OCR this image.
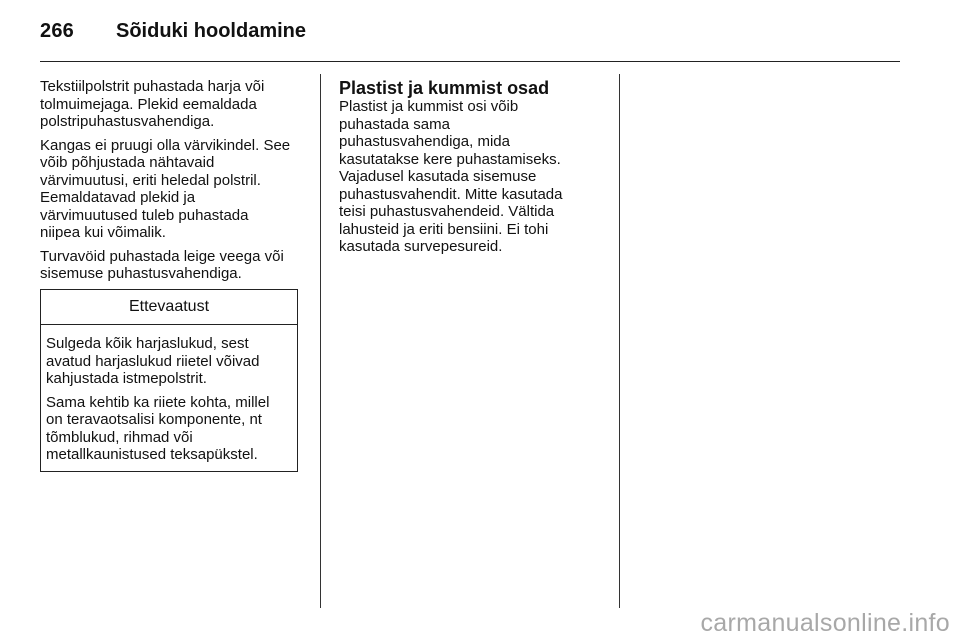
266 Sõiduki hooldamine

Tekstiilpolstrit puhastada harja või
tolmuimejaga. Plekid eemaldada
polstripuhastusvahendiga.

Kangas ei pruugi olla värvikindel. See
võib põhjustada nähtavaid
värvimuutusi, eriti heledal polstril.
Eemaldatavad plekid ja
värvimuutused tuleb puhastada
niipea kui võimalik.

Turvavöid puhastada leige veega või
sisemuse puhastusvahendiga.

Ettevaatust

Sulgeda kõik harjaslukud, sest
avatud harjaslukud riietel võivad
kahjustada istmepolstrit.

Sama kehtib ka riiete kohta, millel
on teravaotsalisi komponente, nt
tõmblukud, rihmad või
metallkaunistused teksapükstel.

Plastist ja kummist osad

Plastist ja kummist osi võib
puhastada sama
puhastusvahendiga, mida
kasutatakse kere puhastamiseks.
Vajadusel kasutada sisemuse
puhastusvahendit. Mitte kasutada
teisi puhastusvahendeid. Vältida
lahusteid ja eriti bensiini. Ei tohi
kasutada survepesureid.

carmanualsonline.info
